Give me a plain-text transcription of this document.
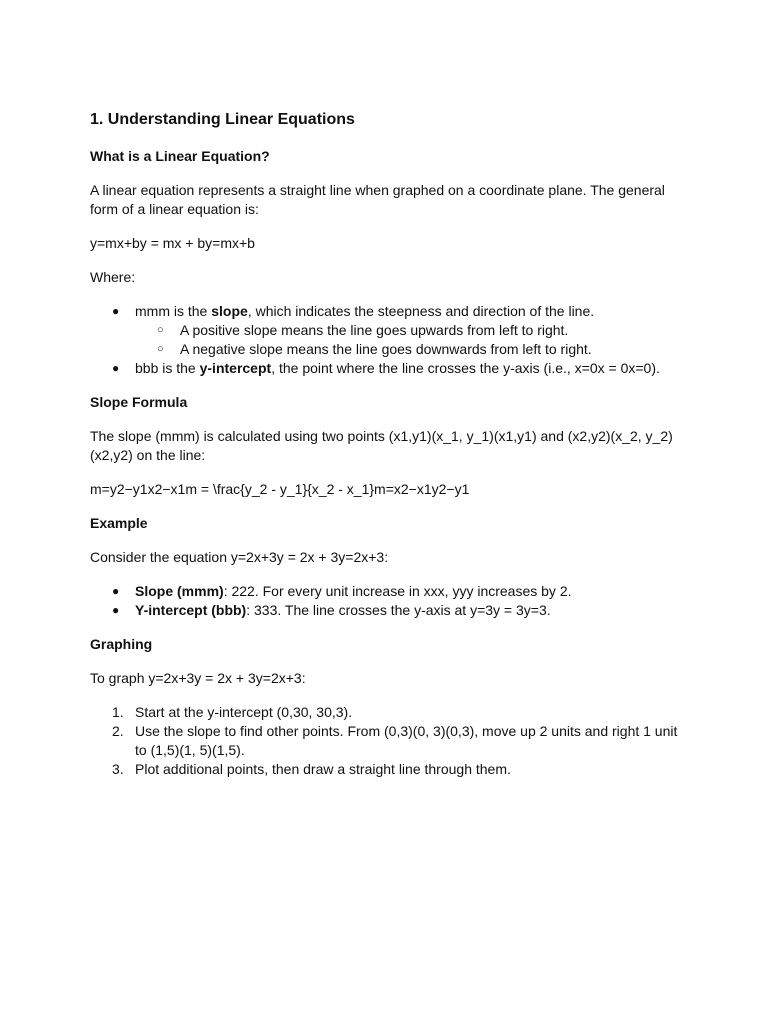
1. Understanding Linear Equations
What is a Linear Equation?

A linear equation represents a straight line when graphed on a coordinate plane. The general form of a linear equation is:

y=mx+by = mx + by=mx+b

Where:

● mmm is the slope, which indicates the steepness and direction of the line.
○ A positive slope means the line goes upwards from left to right.
○ A negative slope means the line goes downwards from left to right.
● bbb is the y-intercept, the point where the line crosses the y-axis (i.e., x=0x = 0x=0).
Slope Formula

The slope (mmm) is calculated using two points (x1,y1)(x_1, y_1)(x1,y1) and (x2,y2)(x_2, y_2)(x2,y2) on the line:

m=y2−y1x2−x1m = \frac{y_2 - y_1}{x_2 - x_1}m=x2−x1y2−y1

Example

Consider the equation y=2x+3y = 2x + 3y=2x+3:

● Slope (mmm): 222. For every unit increase in xxx, yyy increases by 2.
● Y-intercept (bbb): 333. The line crosses the y-axis at y=3y = 3y=3.
Graphing

To graph y=2x+3y = 2x + 3y=2x+3:

1. Start at the y-intercept (0,30, 30,3).
2. Use the slope to find other points. From (0,3)(0, 3)(0,3), move up 2 units and right 1 unit to (1,5)(1, 5)(1,5).
3. Plot additional points, then draw a straight line through them.
